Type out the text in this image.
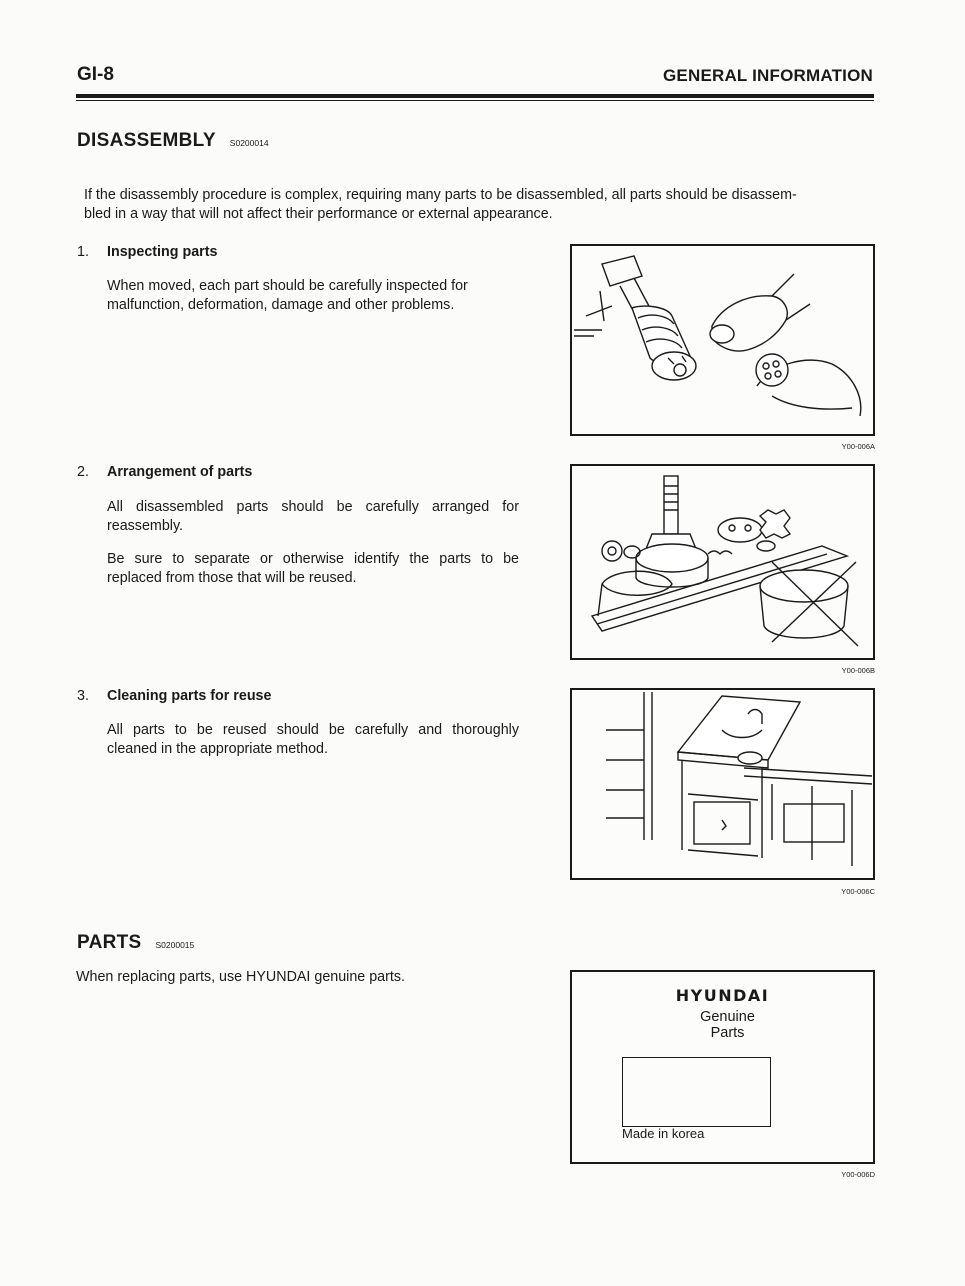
GI-8	GENERAL INFORMATION
DISASSEMBLY S0200014
If the disassembly procedure is complex, requiring many parts to be disassembled, all parts should be disassem-
bled in a way that will not affect their performance or external appearance.
1. Inspecting parts
When moved, each part should be carefully inspected for
malfunction, deformation, damage and other problems.
Y00-006A
2. Arrangement of parts
All disassembled parts should be carefully arranged for
reassembly.
Be sure to separate or otherwise identify the parts to be
replaced from those that will be reused.
Y00-006B
3. Cleaning parts for reuse
All parts to be reused should be carefully and thoroughly
cleaned in the appropriate method.
Y00-006C
PARTS S0200015
When replacing parts, use HYUNDAI genuine parts.
HYUNDAI
Genuine
Parts
Made in korea
Y00-006D
